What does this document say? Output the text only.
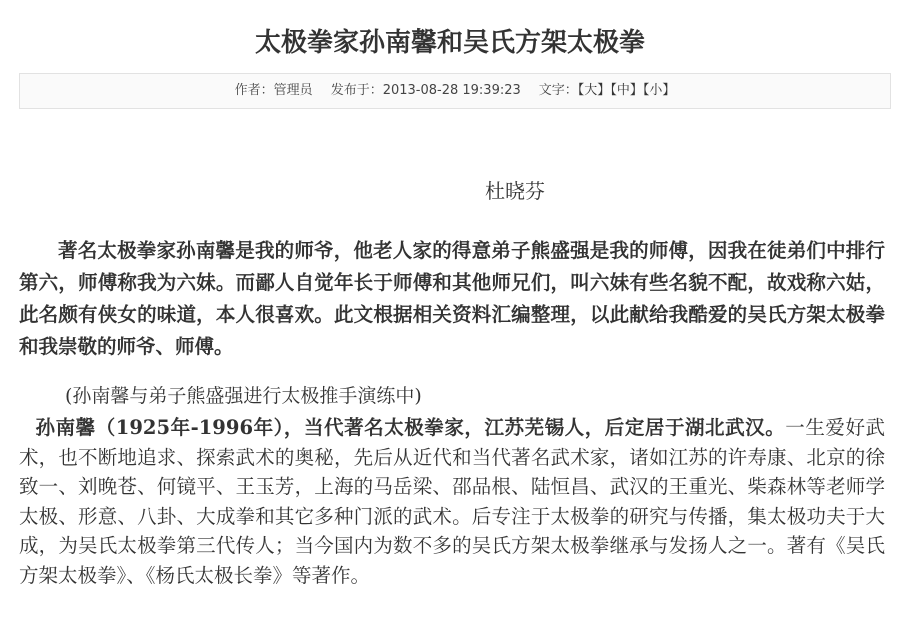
太极拳家孙南馨和吴氏方架太极拳
作者：管理员 发布于：2013-08-28 19:39:23 文字：【大】【中】【小】

杜晓芬

著名太极拳家孙南馨是我的师爷，他老人家的得意弟子熊盛强是我的师傅，因我在徒弟们中排行第六，师傅称我为六妹。而鄙人自觉年长于师傅和其他师兄们，叫六妹有些名貌不配，故戏称六姑，此名颇有侠女的味道，本人很喜欢。此文根据相关资料汇编整理，以此献给我酷爱的吴氏方架太极拳和我崇敬的师爷、师傅。

(孙南馨与弟子熊盛强进行太极推手演练中)

孙南馨（1925年-1996年），当代著名太极拳家，江苏芜锡人，后定居于湖北武汉。一生爱好武术，也不断地追求、探索武术的奥秘，先后从近代和当代著名武术家，诸如江苏的许寿康、北京的徐致一、刘晚苍、何镜平、王玉芳，上海的马岳梁、邵品根、陆恒昌、武汉的王重光、柴森林等老师学太极、形意、八卦、大成拳和其它多种门派的武术。后专注于太极拳的研究与传播，集太极功夫于大成，为吴氏太极拳第三代传人；当今国内为数不多的吴氏方架太极拳继承与发扬人之一。著有《吴氏方架太极拳》、《杨氏太极长拳》等著作。
